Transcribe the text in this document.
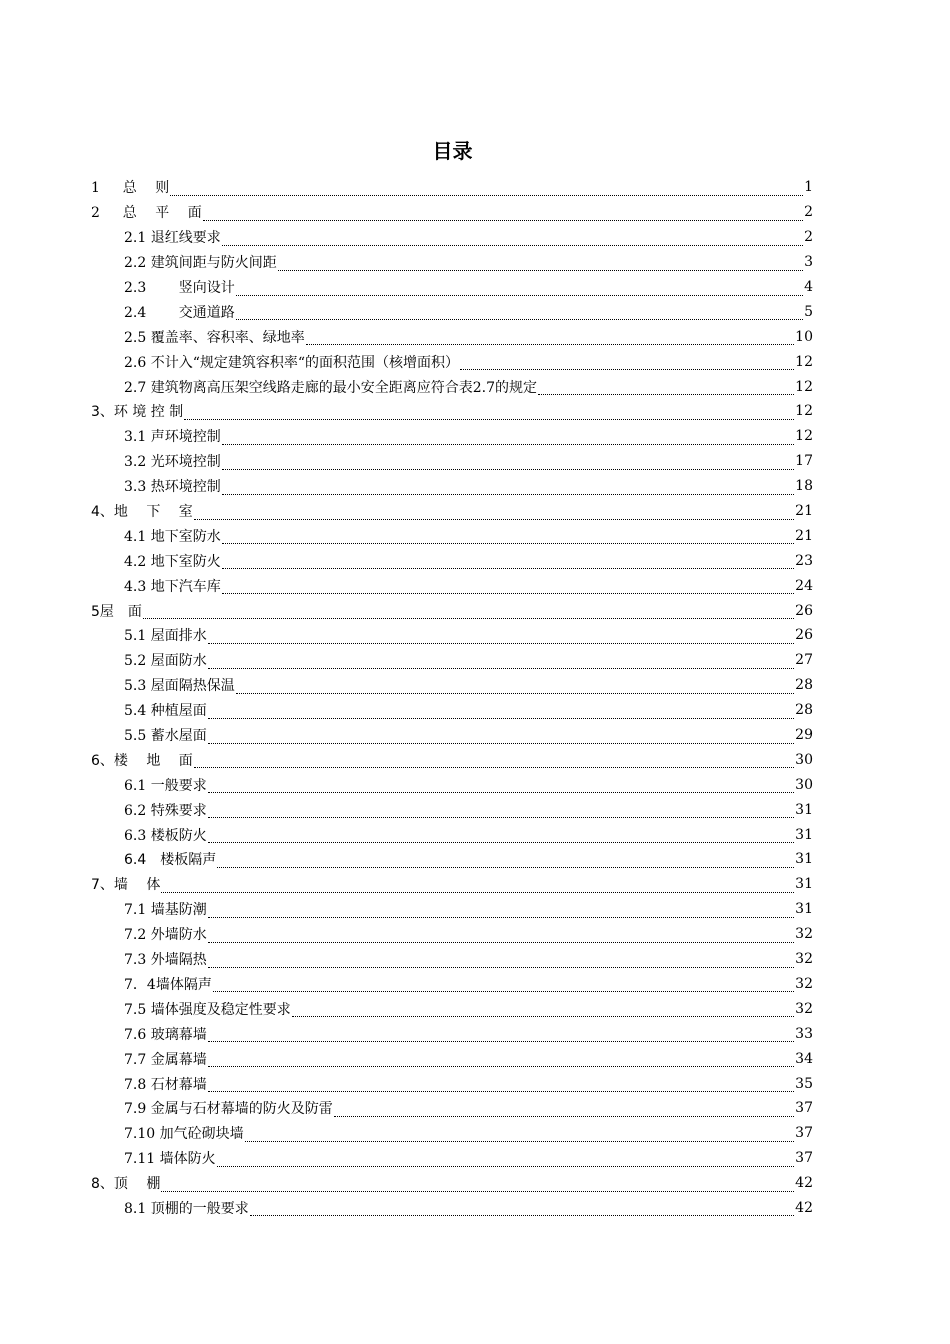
目录
1 　 总　 则	1
2 　 总　 平　 面	2
2.1 退红线要求	2
2.2 建筑间距与防火间距	3
2.3 　　竖向设计	4
2.4 　　交通道路	5
2.5 覆盖率、容积率、绿地率	10
2.6 不计入“规定建筑容积率“的面积范围（核增面积）	12
2.7 建筑物离高压架空线路走廊的最小安全距离应符合表2.7的规定	12
3、环 境 控 制	12
3.1 声环境控制	12
3.2 光环境控制	17
3.3 热环境控制	18
4、地　 下　 室	21
4.1 地下室防水	21
4.2 地下室防火	23
4.3 地下汽车库	24
5屋　面	26
5.1 屋面排水	26
5.2 屋面防水	27
5.3 屋面隔热保温	28
5.4 种植屋面	28
5.5 蓄水屋面	29
6、楼　 地　 面	30
6.1 一般要求	30
6.2 特殊要求	31
6.3 楼板防火	31
6.4　楼板隔声	31
7、墙　 体	31
7.1 墙基防潮	31
7.2 外墙防水	32
7.3 外墙隔热	32
7．4墙体隔声	32
7.5 墙体强度及稳定性要求	32
7.6 玻璃幕墙	33
7.7 金属幕墙	34
7.8 石材幕墙	35
7.9 金属与石材幕墙的防火及防雷	37
7.10 加气砼砌块墙	37
7.11 墙体防火	37
8、顶　 棚	42
8.1 顶棚的一般要求	42
